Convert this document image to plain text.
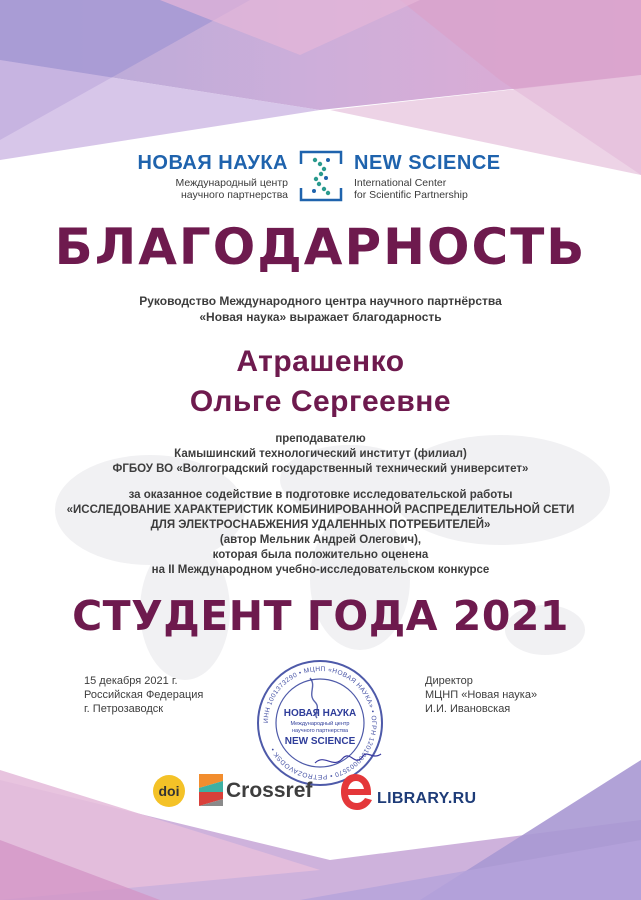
НОВАЯ НАУКА
Международный центр
научного партнерства
NEW SCIENCE
International Center
for Scientific Partnership
БЛАГОДАРНОСТЬ
Руководство Международного центра научного партнёрства
«Новая наука» выражает благодарность
Атрашенко
Ольге Сергеевне
преподавателю
Камышинский технологический институт (филиал)
ФГБОУ ВО «Волгоградский государственный технический университет»
за оказанное содействие в подготовке исследовательской работы
«ИССЛЕДОВАНИЕ ХАРАКТЕРИСТИК КОМБИНИРОВАННОЙ РАСПРЕДЕЛИТЕЛЬНОЙ СЕТИ
ДЛЯ ЭЛЕКТРОСНАБЖЕНИЯ УДАЛЕННЫХ ПОТРЕБИТЕЛЕЙ»
(автор Мельник Андрей Олегович),
которая была положительно оценена
на II Международном учебно-исследовательском конкурсе
СТУДЕНТ ГОДА 2021
15 декабря 2021 г.
Российская Федерация
г. Петрозаводск
Директор
МЦНП «Новая наука»
И.И. Ивановская
ИНН 1001373290 • МЦНП «НОВАЯ НАУКА» • ОГРН 1201000003570 • PETROZAVODSK •
НОВАЯ НАУКА
Международный центр
научного партнерства
NEW SCIENCE
doi Crossref	LIBRARY.RU
